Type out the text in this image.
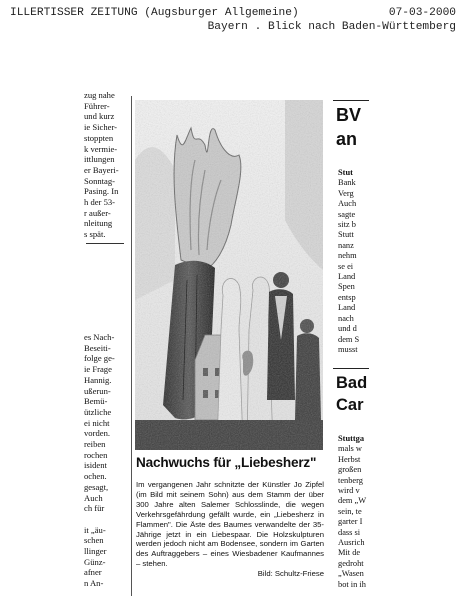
ILLERTISSER ZEITUNG (Augsburger Allgemeine)	07-03-2000
Bayern . Blick nach Baden-Württemberg
zug nahe
Führer-
und kurz
ie Sicher-
stoppten
k vermie-
ittlungen
er Bayeri-
Sonntag-
Pasing. In
h der 53-
r außer-
nleitung
s spät.
es Nach-
Beseiti-
folge ge-
ie Frage
Hannig.
ußerun-
Bemü-
ützliche
ei nicht
vorden.
reiben
rochen
isident
ochen.
gesagt,
Auch
ch für

it „äu-
schen
llinger
Günz-
afner
n An-
Nachwuchs für „Liebesherz"
Im vergangenen Jahr schnitzte der Künstler Jo Zipfel (im Bild mit seinem Sohn) aus dem Stamm der über 300 Jahre alten Salemer Schlosslinde, die wegen Verkehrsgefährdung gefällt wurde, ein „Liebesherz in Flammen". Die Äste des Baumes verwandelte der 35-Jährige jetzt in ein Liebespaar. Die Holzskulpturen werden jedoch nicht am Bodensee, sondern im Garten des Auftraggebers – eines Wiesbadener Kaufmannes – stehen.
Bild: Schultz-Friese
BV
an
Stut
Bank
Verg
Auch
sagte
sitz b
Stutt
nanz
nehm
se ei
Land
Spen
entsp
Land
nach
und d
dem S
musst
Bad
Car
Stuttga
mals w
Herbst
großen
tenberg
wird v
dem „W
sein, te
garter I
dass si
Ausrich
Mit de
gedroht
„Wasen
bot in ih
